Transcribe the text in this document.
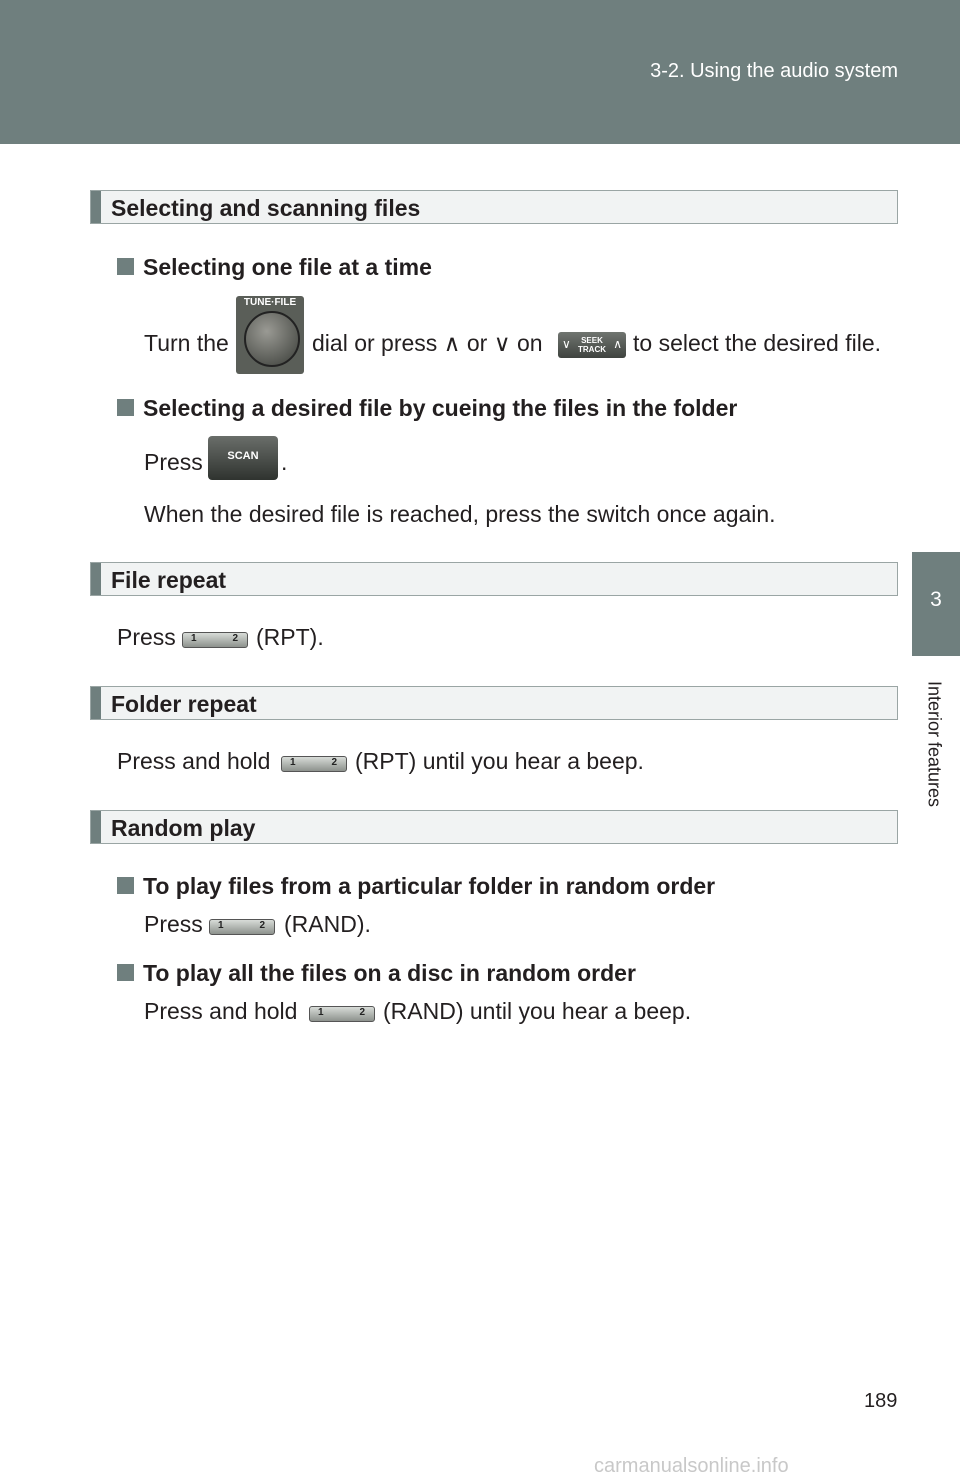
3-2. Using the audio system
3
Interior features
Selecting and scanning files
Selecting one file at a time
Turn the
TUNE·FILE
dial or press ∧ or ∨ on ∨	SEEK
TRACK ∧ to select the desired file.
Selecting a desired file by cueing the files in the folder
Press	SCAN .
When the desired file is reached, press the switch once again.
File repeat
Press 1	2 (RPT).
Folder repeat
Press and hold 1	2 (RPT) until you hear a beep.
Random play
To play files from a particular folder in random order
Press 1	2 (RAND).
To play all the files on a disc in random order
Press and hold 1	2 (RAND) until you hear a beep.
189
carmanualsonline.info
